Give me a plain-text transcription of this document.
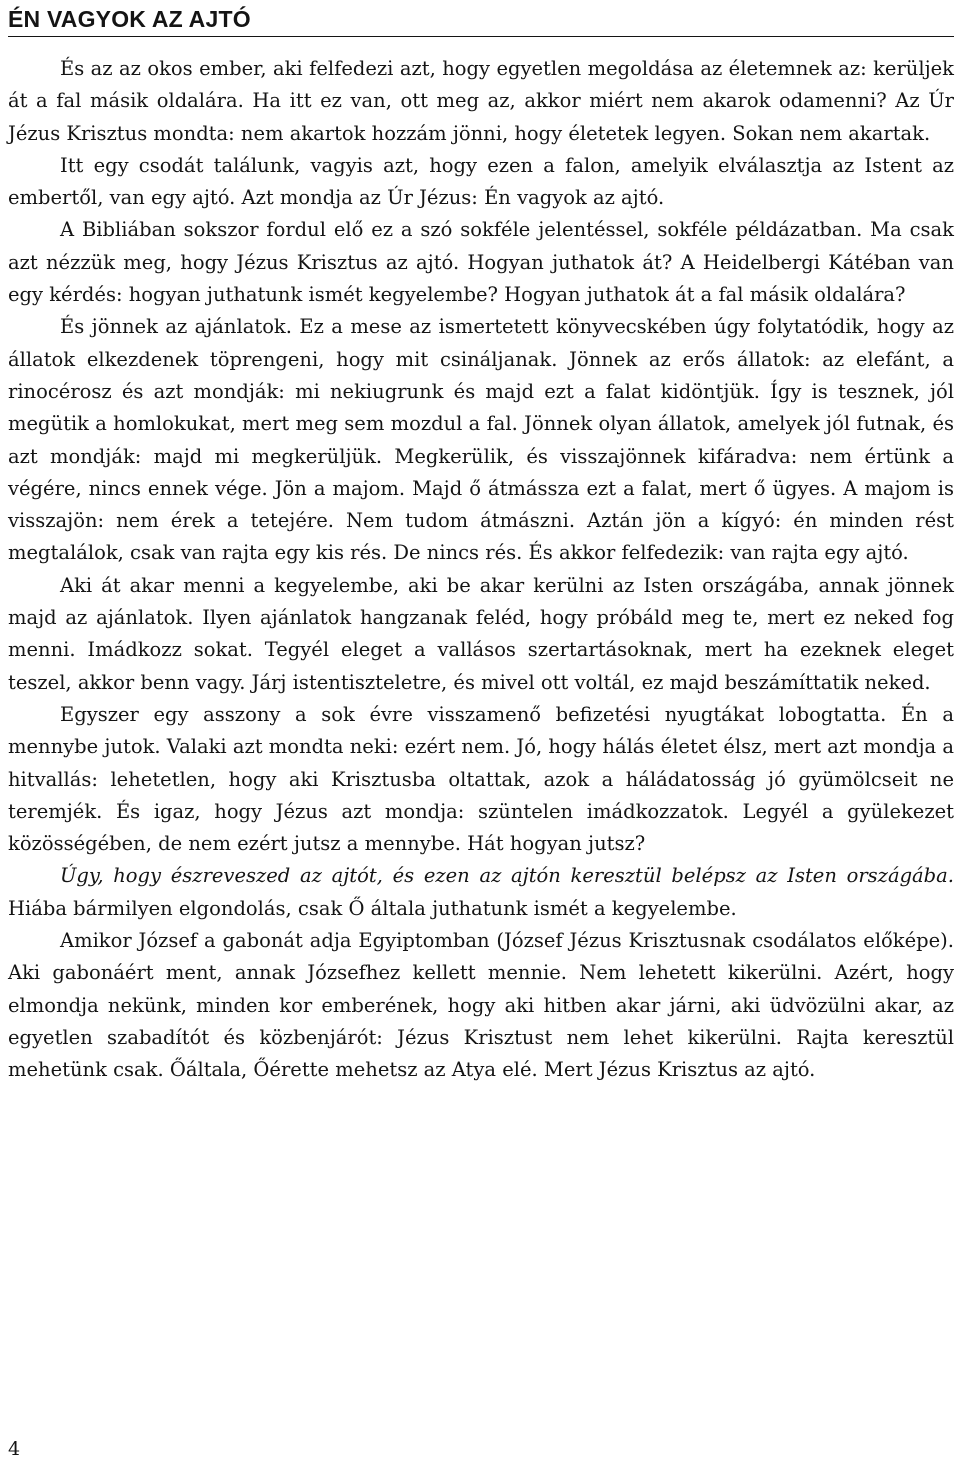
ÉN VAGYOK AZ AJTÓ

És az az okos ember, aki felfedezi azt, hogy egyetlen megoldása az életemnek az: kerüljek át a fal másik oldalára. Ha itt ez van, ott meg az, akkor miért nem akarok odamenni? Az Úr Jézus Krisztus mondta: nem akartok hozzám jönni, hogy életetek legyen. Sokan nem akartak.

Itt egy csodát találunk, vagyis azt, hogy ezen a falon, amelyik elválasztja az Istent az embertől, van egy ajtó. Azt mondja az Úr Jézus: Én vagyok az ajtó.

A Bibliában sokszor fordul elő ez a szó sokféle jelentéssel, sokféle példázatban. Ma csak azt nézzük meg, hogy Jézus Krisztus az ajtó. Hogyan juthatok át? A Heidelbergi Kátéban van egy kérdés: hogyan juthatunk ismét kegyelembe? Hogyan juthatok át a fal másik oldalára?

És jönnek az ajánlatok. Ez a mese az ismertetett könyvecskében úgy folytatódik, hogy az állatok elkezdenek töprengeni, hogy mit csináljanak. Jönnek az erős állatok: az elefánt, a rinocérosz és azt mondják: mi nekiugrunk és majd ezt a falat kidöntjük. Így is tesznek, jól megütik a homlokukat, mert meg sem mozdul a fal. Jönnek olyan állatok, amelyek jól futnak, és azt mondják: majd mi megkerüljük. Megkerülik, és visszajönnek kifáradva: nem értünk a végére, nincs ennek vége. Jön a majom. Majd ő átmássza ezt a falat, mert ő ügyes. A majom is visszajön: nem érek a tetejére. Nem tudom átmászni. Aztán jön a kígyó: én minden rést megtalálok, csak van rajta egy kis rés. De nincs rés. És akkor felfedezik: van rajta egy ajtó.

Aki át akar menni a kegyelembe, aki be akar kerülni az Isten országába, annak jönnek majd az ajánlatok. Ilyen ajánlatok hangzanak feléd, hogy próbáld meg te, mert ez neked fog menni. Imádkozz sokat. Tegyél eleget a vallásos szertartásoknak, mert ha ezeknek eleget teszel, akkor benn vagy. Járj istentiszteletre, és mivel ott voltál, ez majd beszámíttatik neked.

Egyszer egy asszony a sok évre visszamenő befizetési nyugtákat lobogtatta. Én a mennybe jutok. Valaki azt mondta neki: ezért nem. Jó, hogy hálás életet élsz, mert azt mondja a hitvallás: lehetetlen, hogy aki Krisztusba oltattak, azok a háládatosság jó gyümölcseit ne teremjék. És igaz, hogy Jézus azt mondja: szüntelen imádkozzatok. Legyél a gyülekezet közösségében, de nem ezért jutsz a mennybe. Hát hogyan jutsz?

Úgy, hogy észreveszed az ajtót, és ezen az ajtón keresztül belépsz az Isten országába. Hiába bármilyen elgondolás, csak Ő általa juthatunk ismét a kegyelembe.

Amikor József a gabonát adja Egyiptomban (József Jézus Krisztusnak csodálatos előképe). Aki gabonáért ment, annak Józsefhez kellett mennie. Nem lehetett kikerülni. Azért, hogy elmondja nekünk, minden kor emberének, hogy aki hitben akar járni, aki üdvözülni akar, az egyetlen szabadítót és közbenjárót: Jézus Krisztust nem lehet kikerülni. Rajta keresztül mehetünk csak. Őáltala, Őérette mehetsz az Atya elé. Mert Jézus Krisztus az ajtó.

4
